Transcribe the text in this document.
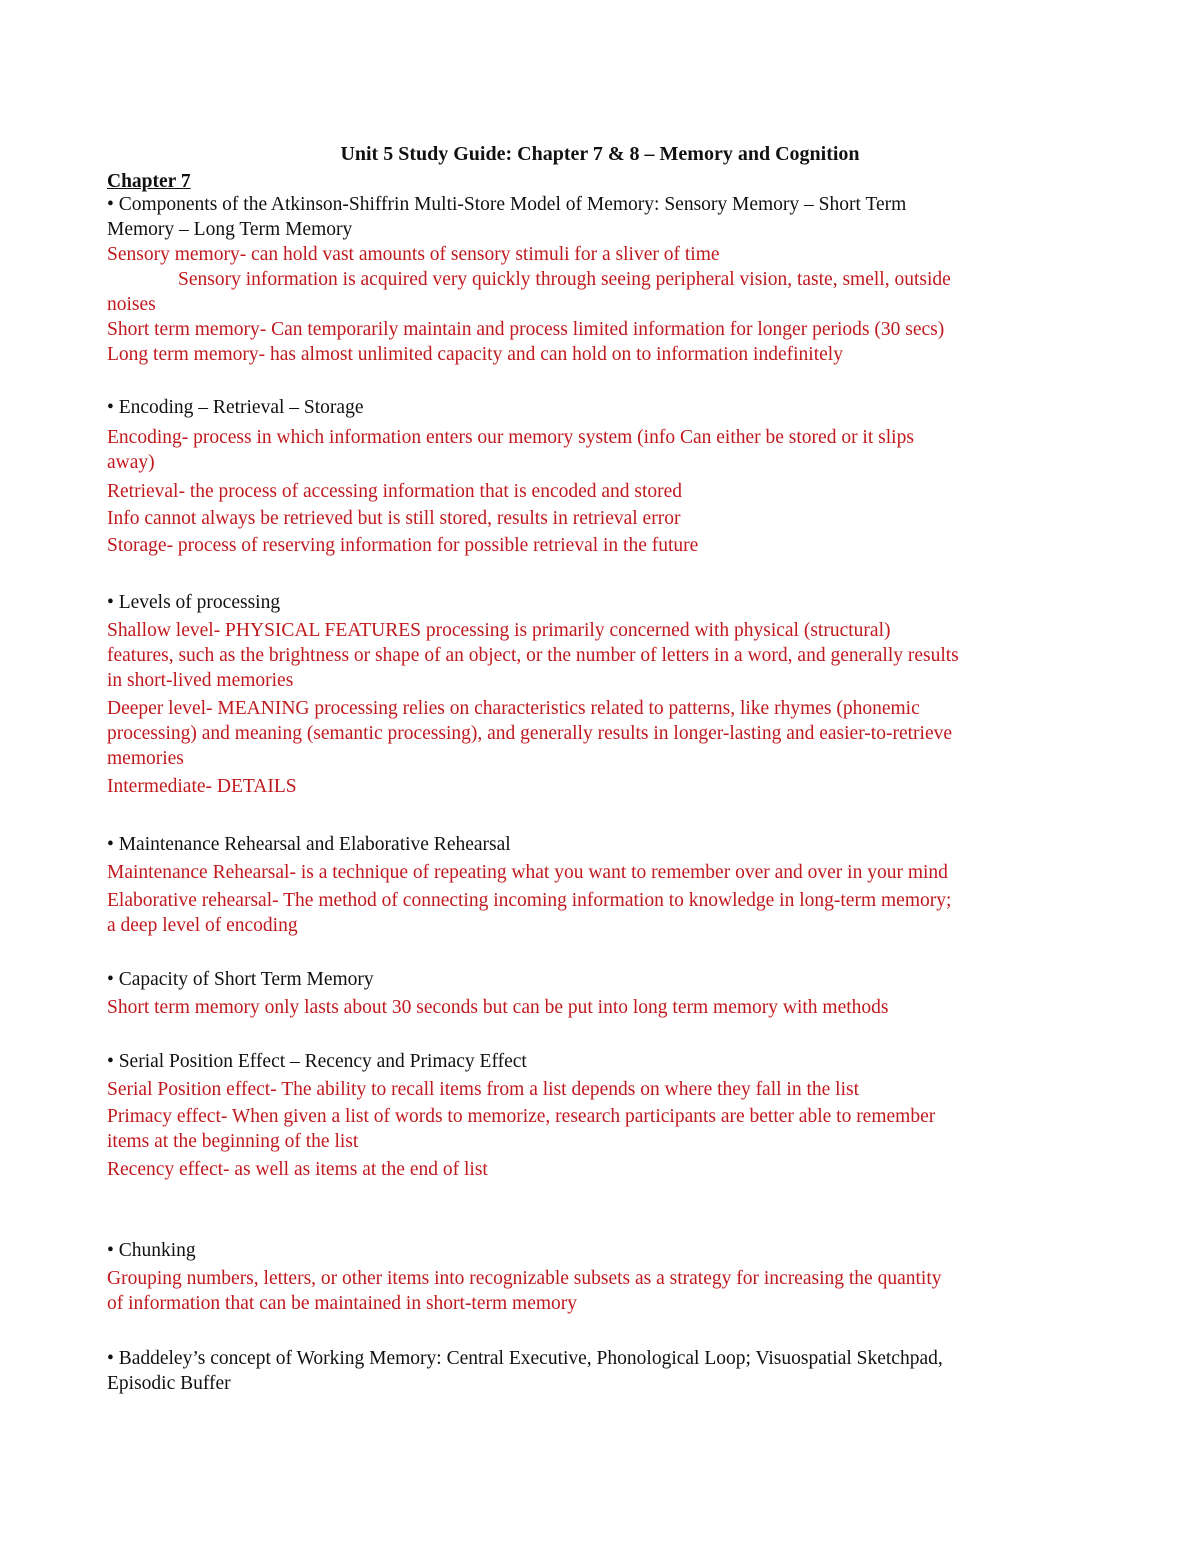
Unit 5 Study Guide: Chapter 7 & 8 – Memory and Cognition
Chapter 7
• Components of the Atkinson-Shiffrin Multi-Store Model of Memory: Sensory Memory – Short Term
Memory – Long Term Memory
Sensory memory- can hold vast amounts of sensory stimuli for a sliver of time
Sensory information is acquired very quickly through seeing peripheral vision, taste, smell, outside
noises
Short term memory- Can temporarily maintain and process limited information for longer periods (30 secs)
Long term memory- has almost unlimited capacity and can hold on to information indefinitely
• Encoding – Retrieval – Storage
Encoding- process in which information enters our memory system (info Can either be stored or it slips
away)
Retrieval- the process of accessing information that is encoded and stored
Info cannot always be retrieved but is still stored, results in retrieval error
Storage- process of reserving information for possible retrieval in the future
• Levels of processing
Shallow level- PHYSICAL FEATURES processing is primarily concerned with physical (structural)
features, such as the brightness or shape of an object, or the number of letters in a word, and generally results
in short-lived memories
Deeper level- MEANING processing relies on characteristics related to patterns, like rhymes (phonemic
processing) and meaning (semantic processing), and generally results in longer-lasting and easier-to-retrieve
memories
Intermediate- DETAILS
• Maintenance Rehearsal and Elaborative Rehearsal
Maintenance Rehearsal- is a technique of repeating what you want to remember over and over in your mind
Elaborative rehearsal- The method of connecting incoming information to knowledge in long-term memory;
a deep level of encoding
• Capacity of Short Term Memory
Short term memory only lasts about 30 seconds but can be put into long term memory with methods
• Serial Position Effect – Recency and Primacy Effect
Serial Position effect- The ability to recall items from a list depends on where they fall in the list
Primacy effect- When given a list of words to memorize, research participants are better able to remember
items at the beginning of the list
Recency effect- as well as items at the end of list
• Chunking
Grouping numbers, letters, or other items into recognizable subsets as a strategy for increasing the quantity
of information that can be maintained in short-term memory
• Baddeley’s concept of Working Memory: Central Executive, Phonological Loop; Visuospatial Sketchpad,
Episodic Buffer
